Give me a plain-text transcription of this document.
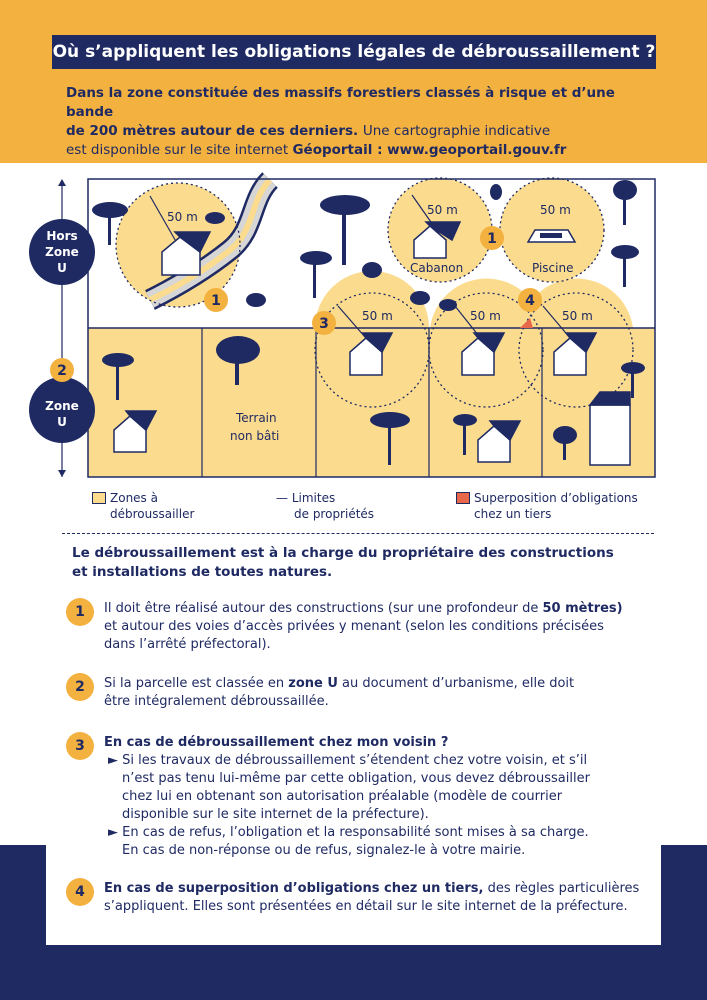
Où s’appliquent les obligations légales de débroussaillement ?
Dans la zone constituée des massifs forestiers classés à risque et d’une bande
de 200 mètres autour de ces derniers. Une cartographie indicative
est disponible sur le site internet Géoportail : www.geoportail.gouv.fr
50 m	50 m	50 m
50 m	50 m	50 m
Cabanon	Piscine
Terrain
non bâti
1
1
3
4
Hors
Zone
U
Zone
U
2
Zones à
débroussailler
— Limites
de propriétés
Superposition d’obligations
chez un tiers
Le débroussaillement est à la charge du propriétaire des constructions
et installations de toutes natures.
1	Il doit être réalisé autour des constructions (sur une profondeur de 50 mètres)
et autour des voies d’accès privées y menant (selon les conditions précisées
dans l’arrêté préfectoral).
2	Si la parcelle est classée en zone U au document d’urbanisme, elle doit
être intégralement débroussaillée.
3	En cas de débroussaillement chez mon voisin ?
► Si les travaux de débroussaillement s’étendent chez votre voisin, et s’il
n’est pas tenu lui-même par cette obligation, vous devez débroussailler
chez lui en obtenant son autorisation préalable (modèle de courrier
disponible sur le site internet de la préfecture).
► En cas de refus, l’obligation et la responsabilité sont mises à sa charge.
En cas de non-réponse ou de refus, signalez-le à votre mairie.
4	En cas de superposition d’obligations chez un tiers, des règles particulières
s’appliquent. Elles sont présentées en détail sur le site internet de la préfecture.
